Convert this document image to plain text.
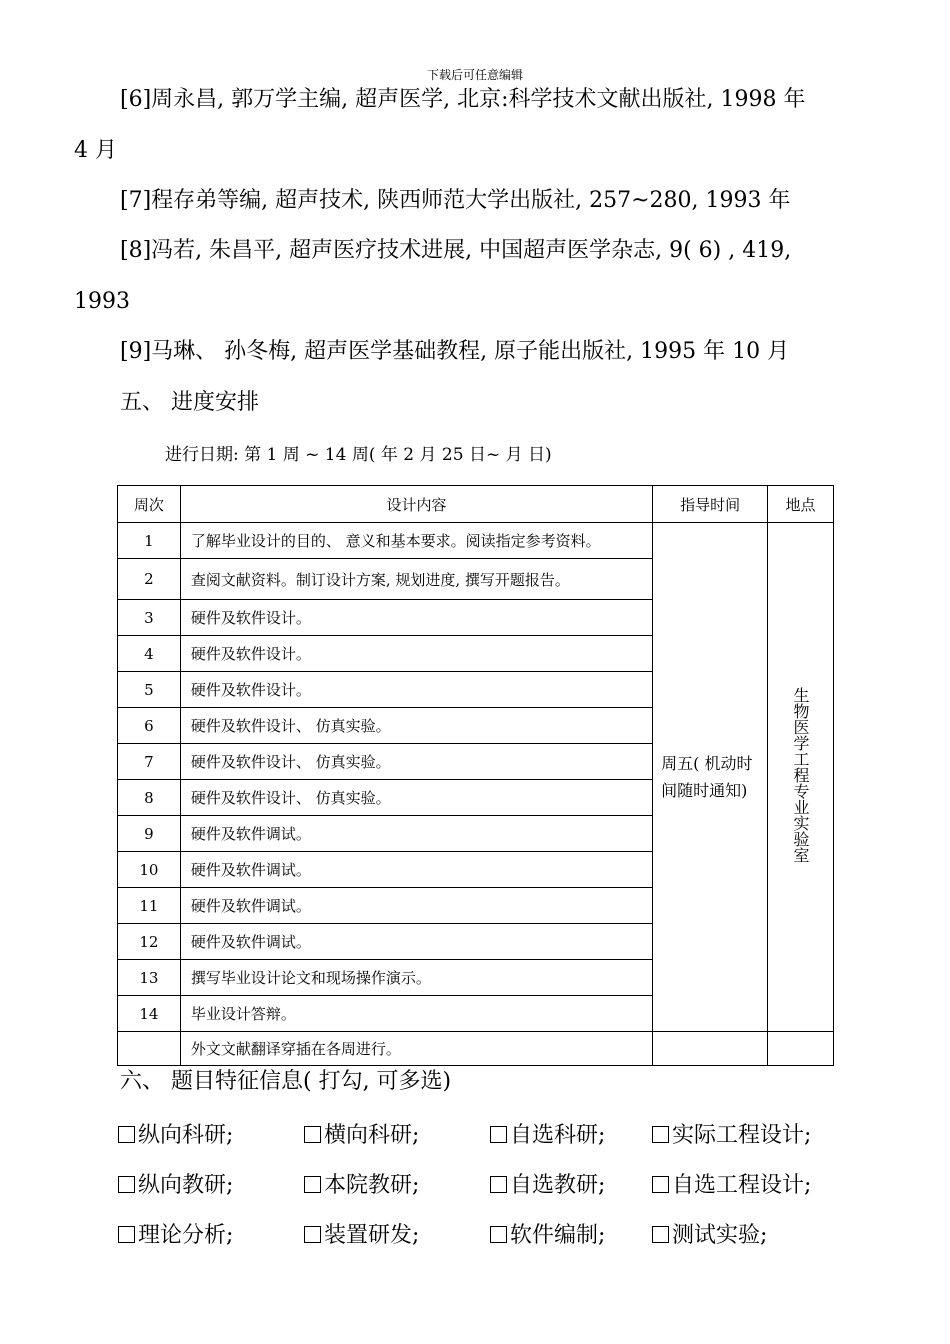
下载后可任意编辑
[6]周永昌, 郭万学主编, 超声医学, 北京:科学技术文献出版社, 1998 年
4 月
[7]程存弟等编, 超声技术, 陕西师范大学出版社, 257~280, 1993 年
[8]冯若, 朱昌平, 超声医疗技术进展, 中国超声医学杂志, 9( 6) , 419,
1993
[9]马琳、 孙冬梅, 超声医学基础教程, 原子能出版社, 1995 年 10 月
五、 进度安排
进行日期: 第 1 周 ~ 14 周( 年 2 月 25 日~ 月 日)
周次	设计内容	指导时间	地点
1	了解毕业设计的目的、 意义和基本要求。阅读指定参考资料。	周五( 机动时间随时通知)	生物医学工程专业实验室
2	查阅文献资料。制订设计方案, 规划进度, 撰写开题报告。		
3	硬件及软件设计。		
4	硬件及软件设计。		
5	硬件及软件设计。		
6	硬件及软件设计、 仿真实验。		
7	硬件及软件设计、 仿真实验。		
8	硬件及软件设计、 仿真实验。		
9	硬件及软件调试。		
10	硬件及软件调试。		
11	硬件及软件调试。		
12	硬件及软件调试。		
13	撰写毕业设计论文和现场操作演示。		
14	毕业设计答辩。		
	外文文献翻译穿插在各周进行。		
六、 题目特征信息( 打勾, 可多选)
纵向科研;	横向科研;	自选科研;	实际工程设计;
纵向教研;	本院教研;	自选教研;	自选工程设计;
理论分析;	装置研发;	软件编制;	测试实验;
